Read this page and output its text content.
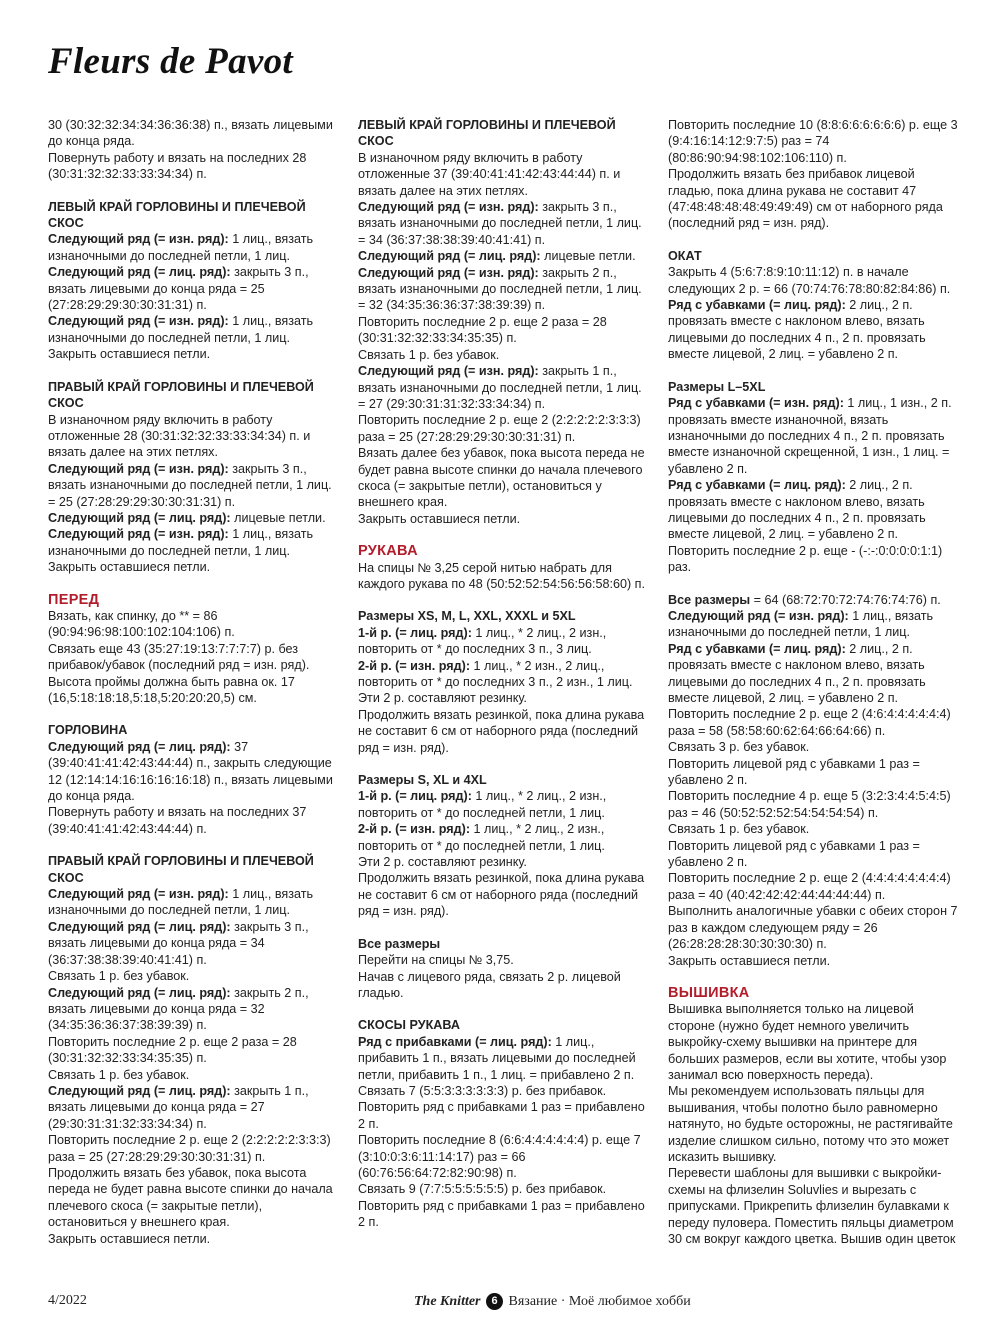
Fleurs de Pavot

30 (30:32:32:34:34:36:36:38) п., вязать лицевыми до конца ряда.

Повернуть работу и вязать на последних 28 (30:31:32:32:33:33:34:34) п.

ЛЕВЫЙ КРАЙ ГОРЛОВИНЫ И ПЛЕЧЕВОЙ СКОС

Следующий ряд (= изн. ряд): 1 лиц., вязать изнаночными до последней петли, 1 лиц.

Следующий ряд (= лиц. ряд): закрыть 3 п., вязать лицевыми до конца ряда = 25 (27:28:29:29:30:30:31:31) п.

Следующий ряд (= изн. ряд): 1 лиц., вязать изнаночными до последней петли, 1 лиц.

Закрыть оставшиеся петли.

ПРАВЫЙ КРАЙ ГОРЛОВИНЫ И ПЛЕЧЕВОЙ СКОС

В изнаночном ряду включить в работу отложенные 28 (30:31:32:32:33:33:34:34) п. и вязать далее на этих петлях.

Следующий ряд (= изн. ряд): закрыть 3 п., вязать изнаночными до последней петли, 1 лиц. = 25 (27:28:29:29:30:30:31:31) п.

Следующий ряд (= лиц. ряд): лицевые петли.

Следующий ряд (= изн. ряд): 1 лиц., вязать изнаночными до последней петли, 1 лиц.

Закрыть оставшиеся петли.

ПЕРЕД

Вязать, как спинку, до ** = 86 (90:94:96:98:100:102:104:106) п.

Связать еще 43 (35:27:19:13:7:7:7:7) р. без прибавок/убавок (последний ряд = изн. ряд). Высота проймы должна быть равна ок. 17 (16,5:18:18:18,5:18,5:20:20:20,5) см.

ГОРЛОВИНА

Следующий ряд (= лиц. ряд): 37 (39:40:41:41:42:43:44:44) п., закрыть следующие 12 (12:14:14:16:16:16:16:18) п., вязать лицевыми до конца ряда.

Повернуть работу и вязать на последних 37 (39:40:41:41:42:43:44:44) п.

ПРАВЫЙ КРАЙ ГОРЛОВИНЫ И ПЛЕЧЕВОЙ СКОС

Следующий ряд (= изн. ряд): 1 лиц., вязать изнаночными до последней петли, 1 лиц.

Следующий ряд (= лиц. ряд): закрыть 3 п., вязать лицевыми до конца ряда = 34 (36:37:38:38:39:40:41:41) п.

Связать 1 р. без убавок.

Следующий ряд (= лиц. ряд): закрыть 2 п., вязать лицевыми до конца ряда = 32 (34:35:36:36:37:38:39:39) п.

Повторить последние 2 р. еще 2 раза = 28 (30:31:32:32:33:34:35:35) п.

Связать 1 р. без убавок.

Следующий ряд (= лиц. ряд): закрыть 1 п., вязать лицевыми до конца ряда = 27 (29:30:31:31:32:33:34:34) п.

Повторить последние 2 р. еще 2 (2:2:2:2:2:3:3:3) раза = 25 (27:28:29:29:30:30:31:31) п.

Продолжить вязать без убавок, пока высота переда не будет равна высоте спинки до начала плечевого скоса (= закрытые петли), остановиться у внешнего края.

Закрыть оставшиеся петли.

ЛЕВЫЙ КРАЙ ГОРЛОВИНЫ И ПЛЕЧЕВОЙ СКОС

В изнаночном ряду включить в работу отложенные 37 (39:40:41:41:42:43:44:44) п. и вязать далее на этих петлях.

Следующий ряд (= изн. ряд): закрыть 3 п., вязать изнаночными до последней петли, 1 лиц. = 34 (36:37:38:38:39:40:41:41) п.

Следующий ряд (= лиц. ряд): лицевые петли.

Следующий ряд (= изн. ряд): закрыть 2 п., вязать изнаночными до последней петли, 1 лиц. = 32 (34:35:36:36:37:38:39:39) п.

Повторить последние 2 р. еще 2 раза = 28 (30:31:32:32:33:34:35:35) п.

Связать 1 р. без убавок.

Следующий ряд (= изн. ряд): закрыть 1 п., вязать изнаночными до последней петли, 1 лиц. = 27 (29:30:31:31:32:33:34:34) п.

Повторить последние 2 р. еще 2 (2:2:2:2:2:3:3:3) раза = 25 (27:28:29:29:30:30:31:31) п.

Вязать далее без убавок, пока высота переда не будет равна высоте спинки до начала плечевого скоса (= закрытые петли), остановиться у внешнего края.

Закрыть оставшиеся петли.

РУКАВА

На спицы № 3,25 серой нитью набрать для каждого рукава по 48 (50:52:52:54:56:56:58:60) п.

Размеры XS, M, L, XXL, XXXL и 5XL

1-й р. (= лиц. ряд): 1 лиц., * 2 лиц., 2 изн., повторить от * до последних 3 п., 3 лиц.

2-й р. (= изн. ряд): 1 лиц., * 2 изн., 2 лиц., повторить от * до последних 3 п., 2 изн., 1 лиц.

Эти 2 р. составляют резинку.

Продолжить вязать резинкой, пока длина рукава не составит 6 см от наборного ряда (последний ряд = изн. ряд).

Размеры S, XL и 4XL

1-й р. (= лиц. ряд): 1 лиц., * 2 лиц., 2 изн., повторить от * до последней петли, 1 лиц.

2-й р. (= изн. ряд): 1 лиц., * 2 лиц., 2 изн., повторить от * до последней петли, 1 лиц.

Эти 2 р. составляют резинку.

Продолжить вязать резинкой, пока длина рукава не составит 6 см от наборного ряда (последний ряд = изн. ряд).

Все размеры

Перейти на спицы № 3,75.

Начав с лицевого ряда, связать 2 р. лицевой гладью.

СКОСЫ РУКАВА

Ряд с прибавками (= лиц. ряд): 1 лиц., прибавить 1 п., вязать лицевыми до последней петли, прибавить 1 п., 1 лиц. = прибавлено 2 п.

Связать 7 (5:5:3:3:3:3:3:3) р. без прибавок.

Повторить ряд с прибавками 1 раз = прибавлено 2 п.

Повторить последние 8 (6:6:4:4:4:4:4:4) р. еще 7 (3:10:0:3:6:11:14:17) раз = 66 (60:76:56:64:72:82:90:98) п.

Связать 9 (7:7:5:5:5:5:5:5) р. без прибавок.

Повторить ряд с прибавками 1 раз = прибавлено 2 п.

Повторить последние 10 (8:8:6:6:6:6:6:6) р. еще 3 (9:4:16:14:12:9:7:5) раз = 74 (80:86:90:94:98:102:106:110) п.

Продолжить вязать без прибавок лицевой гладью, пока длина рукава не составит 47 (47:48:48:48:48:49:49:49) см от наборного ряда (последний ряд = изн. ряд).

ОКАТ

Закрыть 4 (5:6:7:8:9:10:11:12) п. в начале следующих 2 р. = 66 (70:74:76:78:80:82:84:86) п.

Ряд с убавками (= лиц. ряд): 2 лиц., 2 п. провязать вместе с наклоном влево, вязать лицевыми до последних 4 п., 2 п. провязать вместе лицевой, 2 лиц. = убавлено 2 п.

Размеры L–5XL

Ряд с убавками (= изн. ряд): 1 лиц., 1 изн., 2 п. провязать вместе изнаночной, вязать изнаночными до последних 4 п., 2 п. провязать вместе изнаночной скрещенной, 1 изн., 1 лиц. = убавлено 2 п.

Ряд с убавками (= лиц. ряд): 2 лиц., 2 п. провязать вместе с наклоном влево, вязать лицевыми до последних 4 п., 2 п. провязать вместе лицевой, 2 лиц. = убавлено 2 п.

Повторить последние 2 р. еще - (-:-:0:0:0:0:1:1) раз.

Все размеры = 64 (68:72:70:72:74:76:74:76) п.

Следующий ряд (= изн. ряд): 1 лиц., вязать изнаночными до последней петли, 1 лиц.

Ряд с убавками (= лиц. ряд): 2 лиц., 2 п. провязать вместе с наклоном влево, вязать лицевыми до последних 4 п., 2 п. провязать вместе лицевой, 2 лиц. = убавлено 2 п.

Повторить последние 2 р. еще 2 (4:6:4:4:4:4:4:4) раза = 58 (58:58:60:62:64:66:64:66) п.

Связать 3 р. без убавок.

Повторить лицевой ряд с убавками 1 раз = убавлено 2 п.

Повторить последние 4 р. еще 5 (3:2:3:4:4:5:4:5) раз = 46 (50:52:52:52:54:54:54:54) п.

Связать 1 р. без убавок.

Повторить лицевой ряд с убавками 1 раз = убавлено 2 п.

Повторить последние 2 р. еще 2 (4:4:4:4:4:4:4:4) раза = 40 (40:42:42:42:44:44:44:44) п.

Выполнить аналогичные убавки с обеих сторон 7 раз в каждом следующем ряду = 26 (26:28:28:28:30:30:30:30) п.

Закрыть оставшиеся петли.

ВЫШИВКА

Вышивка выполняется только на лицевой стороне (нужно будет немного увеличить выкройку-схему вышивки на принтере для больших размеров, если вы хотите, чтобы узор занимал всю поверхность переда).

Мы рекомендуем использовать пяльцы для вышивания, чтобы полотно было равномерно натянуто, но будьте осторожны, не растягивайте изделие слишком сильно, потому что это может исказить вышивку.

Перевести шаблоны для вышивки с выкройки-схемы на флизелин Soluvlies и вырезать с припусками. Прикрепить флизелин булавками к переду пуловера. Поместить пяльцы диаметром 30 см вокруг каждого цветка. Вышив один цветок

4/2022	The Knitter 6 Вязание · Моё любимое хобби
